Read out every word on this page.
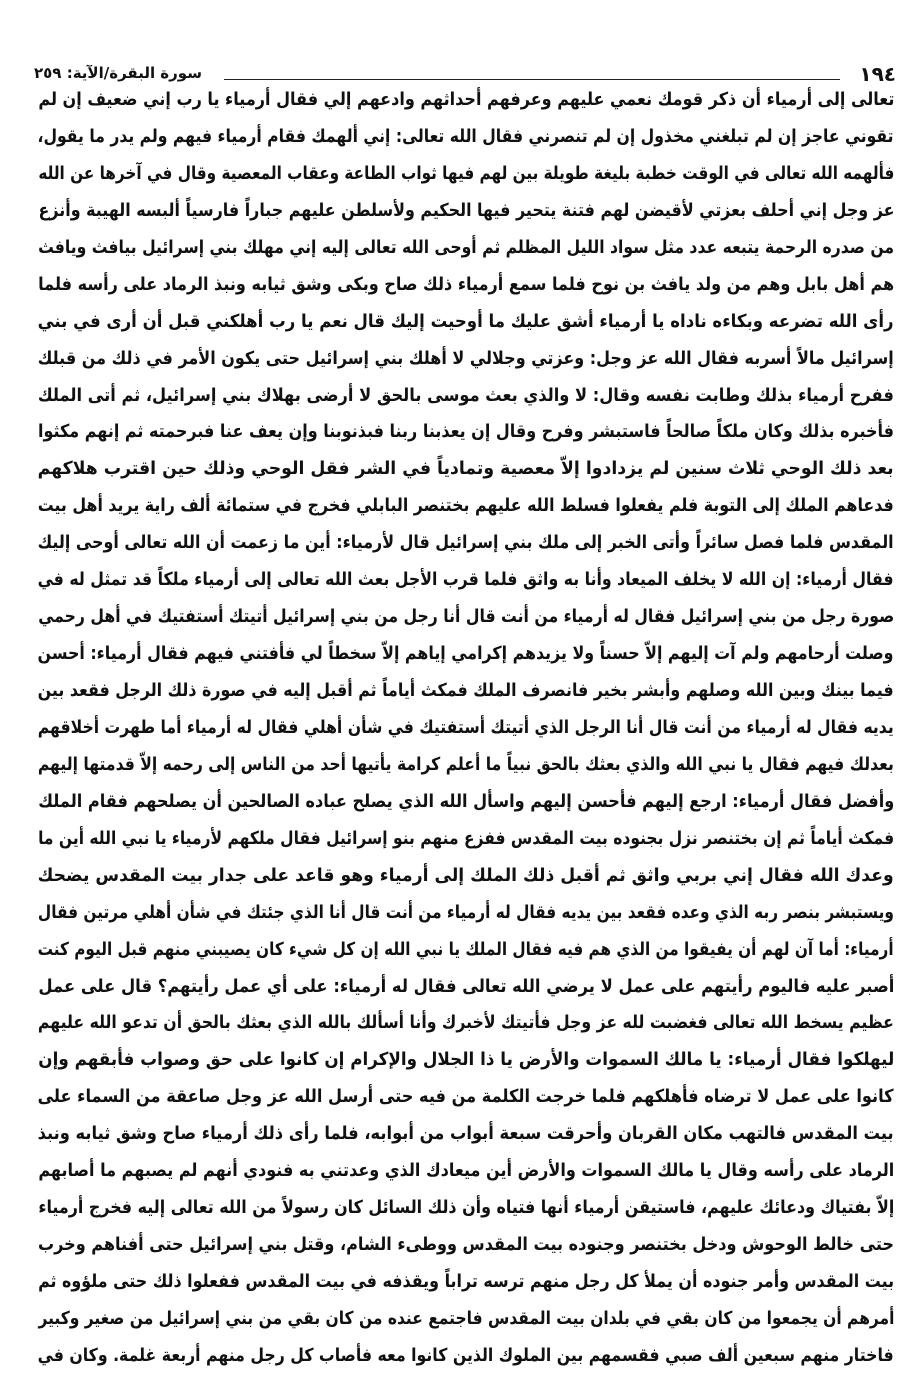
١٩٤
سورة البقرة/الآية: ٢٥٩
تعالى إلى أرمياء أن ذكر قومك نعمي عليهم وعرفهم أحداثهم وادعهم إلي فقال أرمياء يا رب إني ضعيف إن لم
تقوني عاجز إن لم تبلغني مخذول إن لم تنصرني فقال الله تعالى: إني ألهمك فقام أرمياء فيهم ولم يدر ما يقول،
فألهمه الله تعالى في الوقت خطبة بليغة طويلة بين لهم فيها ثواب الطاعة وعقاب المعصية وقال في آخرها عن الله
عز وجل إني أحلف بعزتي لأقيضن لهم فتنة يتحير فيها الحكيم ولأسلطن عليهم جباراً فارسياً ألبسه الهيبة وأنزع
من صدره الرحمة يتبعه عدد مثل سواد الليل المظلم ثم أوحى الله تعالى إليه إني مهلك بني إسرائيل بيافث ويافث
هم أهل بابل وهم من ولد يافث بن نوح فلما سمع أرمياء ذلك صاح وبكى وشق ثيابه ونبذ الرماد على رأسه فلما
رأى الله تضرعه وبكاءه ناداه يا أرمياء أشق عليك ما أوحيت إليك قال نعم يا رب أهلكني قبل أن أرى في بني
إسرائيل مالاً أسربه فقال الله عز وجل: وعزتي وجلالي لا أهلك بني إسرائيل حتى يكون الأمر في ذلك من قبلك
ففرح أرمياء بذلك وطابت نفسه وقال: لا والذي بعث موسى بالحق لا أرضى بهلاك بني إسرائيل، ثم أتى الملك
فأخبره بذلك وكان ملكاً صالحاً فاستبشر وفرح وقال إن يعذبنا ربنا فبذنوبنا وإن يعف عنا فبرحمته ثم إنهم مكثوا
بعد ذلك الوحي ثلاث سنين لم يزدادوا إلاّ معصية وتمادياً في الشر فقل الوحي وذلك حين اقترب هلاكهم
فدعاهم الملك إلى التوبة فلم يفعلوا فسلط الله عليهم بختنصر البابلي فخرج في ستمائة ألف راية يريد أهل بيت
المقدس فلما فصل سائراً وأتى الخبر إلى ملك بني إسرائيل قال لأرمياء: أين ما زعمت أن الله تعالى أوحى إليك
فقال أرمياء: إن الله لا يخلف الميعاد وأنا به واثق فلما قرب الأجل بعث الله تعالى إلى أرمياء ملكاً قد تمثل له في
صورة رجل من بني إسرائيل فقال له أرمياء من أنت قال أنا رجل من بني إسرائيل أتيتك أستفتيك في أهل رحمي
وصلت أرحامهم ولم آت إليهم إلاّ حسناً ولا يزيدهم إكرامي إياهم إلاّ سخطاً لي فأفتني فيهم فقال أرمياء: أحسن
فيما بينك وبين الله وصلهم وأبشر بخير فانصرف الملك فمكث أياماً ثم أقبل إليه في صورة ذلك الرجل فقعد بين
يديه فقال له أرمياء من أنت قال أنا الرجل الذي أتيتك أستفتيك في شأن أهلي فقال له أرمياء أما طهرت أخلاقهم
بعدلك فيهم فقال يا نبي الله والذي بعثك بالحق نبياً ما أعلم كرامة يأتيها أحد من الناس إلى رحمه إلاّ قدمتها إليهم
وأفضل فقال أرمياء: ارجع إليهم فأحسن إليهم واسأل الله الذي يصلح عباده الصالحين أن يصلحهم فقام الملك
فمكث أياماً ثم إن بختنصر نزل بجنوده بيت المقدس ففزع منهم بنو إسرائيل فقال ملكهم لأرمياء يا نبي الله أين ما
وعدك الله فقال إني بربي واثق ثم أقبل ذلك الملك إلى أرمياء وهو قاعد على جدار بيت المقدس يضحك
ويستبشر بنصر ربه الذي وعده فقعد بين يديه فقال له أرمياء من أنت قال أنا الذي جئتك في شأن أهلي مرتين فقال
أرمياء: أما آن لهم أن يفيقوا من الذي هم فيه فقال الملك يا نبي الله إن كل شيء كان يصيبني منهم قبل اليوم كنت
أصبر عليه فاليوم رأيتهم على عمل لا يرضي الله تعالى فقال له أرمياء: على أي عمل رأيتهم؟ قال على عمل
عظيم يسخط الله تعالى فغضبت لله عز وجل فأتيتك لأخبرك وأنا أسألك بالله الذي بعثك بالحق أن تدعو الله عليهم
ليهلكوا فقال أرمياء: يا مالك السموات والأرض يا ذا الجلال والإكرام إن كانوا على حق وصواب فأبقهم وإن
كانوا على عمل لا ترضاه فأهلكهم فلما خرجت الكلمة من فيه حتى أرسل الله عز وجل صاعقة من السماء على
بيت المقدس فالتهب مكان القربان وأحرقت سبعة أبواب من أبوابه، فلما رأى ذلك أرمياء صاح وشق ثيابه ونبذ
الرماد على رأسه وقال يا مالك السموات والأرض أين ميعادك الذي وعدتني به فنودي أنهم لم يصبهم ما أصابهم
إلاّ بفتياك ودعائك عليهم، فاستيقن أرمياء أنها فتياه وأن ذلك السائل كان رسولاً من الله تعالى إليه فخرج أرمياء
حتى خالط الوحوش ودخل بختنصر وجنوده بيت المقدس ووطىء الشام، وقتل بني إسرائيل حتى أفناهم وخرب
بيت المقدس وأمر جنوده أن يملأ كل رجل منهم ترسه تراباً ويقذفه في بيت المقدس ففعلوا ذلك حتى ملؤوه ثم
أمرهم أن يجمعوا من كان بقي في بلدان بيت المقدس فاجتمع عنده من كان بقي من بني إسرائيل من صغير وكبير
فاختار منهم سبعين ألف صبي فقسمهم بين الملوك الذين كانوا معه فأصاب كل رجل منهم أربعة غلمة. وكان في
